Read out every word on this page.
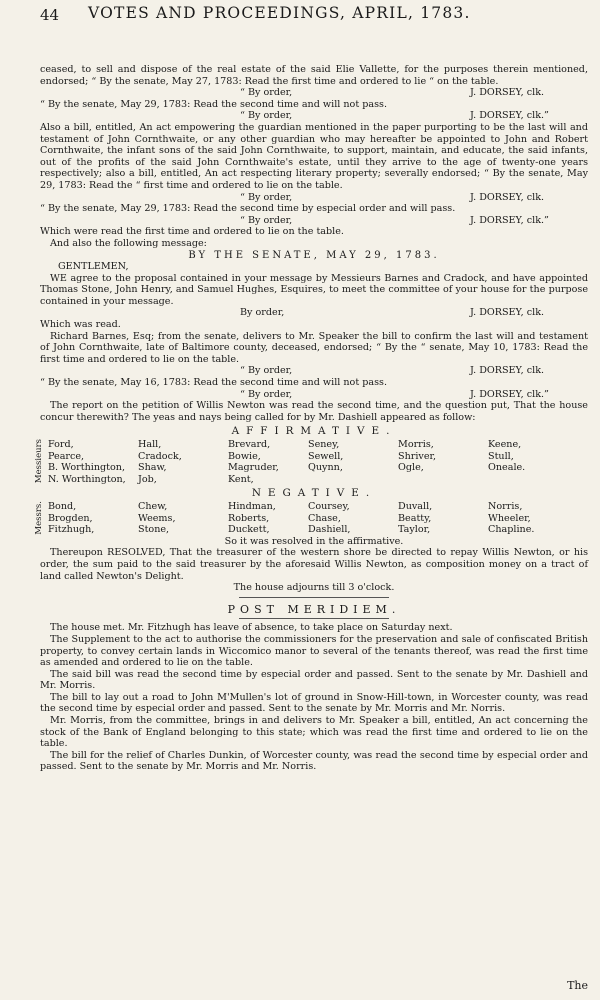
44 VOTES AND PROCEEDINGS, APRIL, 1783.

ceased, to sell and dispose of the real estate of the said Elie Vallette, for the purposes therein mentioned, endorsed; “ By the senate, May 27, 1783: Read the first time and ordered to lie “ on the table.

“ By order,	J. DORSEY, clk.

“ By the senate, May 29, 1783: Read the second time and will not pass.

“ By order,	J. DORSEY, clk.”

Also a bill, entitled, An act empowering the guardian mentioned in the paper purporting to be the last will and testament of John Cornthwaite, or any other guardian who may hereafter be appointed to John and Robert Cornthwaite, the infant sons of the said John Cornthwaite, to support, maintain, and educate, the said infants, out of the profits of the said John Cornthwaite's estate, until they arrive to the age of twenty-one years respectively; also a bill, entitled, An act respecting literary property; severally endorsed; “ By the senate, May 29, 1783: Read the “ first time and ordered to lie on the table.

“ By order,	J. DORSEY, clk.

“ By the senate, May 29, 1783: Read the second time by especial order and will pass.

“ By order,	J. DORSEY, clk.”

Which were read the first time and ordered to lie on the table.

And also the following message:

BY THE SENATE, MAY 29, 1783.

GENTLEMEN,

WE agree to the proposal contained in your message by Messieurs Barnes and Cradock, and have appointed Thomas Stone, John Henry, and Samuel Hughes, Esquires, to meet the committee of your house for the purpose contained in your message.

By order,	J. DORSEY, clk.

Which was read.

Richard Barnes, Esq; from the senate, delivers to Mr. Speaker the bill to confirm the last will and testament of John Cornthwaite, late of Baltimore county, deceased, endorsed; “ By the “ senate, May 10, 1783: Read the first time and ordered to lie on the table.

“ By order,	J. DORSEY, clk.

“ By the senate, May 16, 1783: Read the second time and will not pass.

“ By order,	J. DORSEY, clk.”

The report on the petition of Willis Newton was read the second time, and the question put, That the house concur therewith? The yeas and nays being called for by Mr. Dashiell appeared as follow:

AFFIRMATIVE.

Messieurs Ford,	Hall,	Brevard,	Seney,	Morris,	Keene,
Pearce,	Cradock,	Bowie,	Sewell,	Shriver,	Stull,
B. Worthington,	Shaw,	Magruder,	Quynn,	Ogle,	Oneale.
N. Worthington,	Job,	Kent,

NEGATIVE.

Messrs. Bond,	Chew,	Hindman,	Coursey,	Duvall,	Norris,
Brogden,	Weems,	Roberts,	Chase,	Beatty,	Wheeler,
Fitzhugh,	Stone,	Duckett,	Dashiell,	Taylor,	Chapline.

So it was resolved in the affirmative.

Thereupon RESOLVED, That the treasurer of the western shore be directed to repay Willis Newton, or his order, the sum paid to the said treasurer by the aforesaid Willis Newton, as composition money on a tract of land called Newton's Delight.

The house adjourns till 3 o'clock.

POST MERIDIEM.

The house met. Mr. Fitzhugh has leave of absence, to take place on Saturday next.

The Supplement to the act to authorise the commissioners for the preservation and sale of confiscated British property, to convey certain lands in Wiccomico manor to several of the tenants thereof, was read the first time as amended and ordered to lie on the table.

The said bill was read the second time by especial order and passed. Sent to the senate by Mr. Dashiell and Mr. Morris.

The bill to lay out a road to John M'Mullen's lot of ground in Snow-Hill-town, in Worcester county, was read the second time by especial order and passed. Sent to the senate by Mr. Morris and Mr. Norris.

Mr. Morris, from the committee, brings in and delivers to Mr. Speaker a bill, entitled, An act concerning the stock of the Bank of England belonging to this state; which was read the first time and ordered to lie on the table.

The bill for the relief of Charles Dunkin, of Worcester county, was read the second time by especial order and passed. Sent to the senate by Mr. Morris and Mr. Norris.

The
